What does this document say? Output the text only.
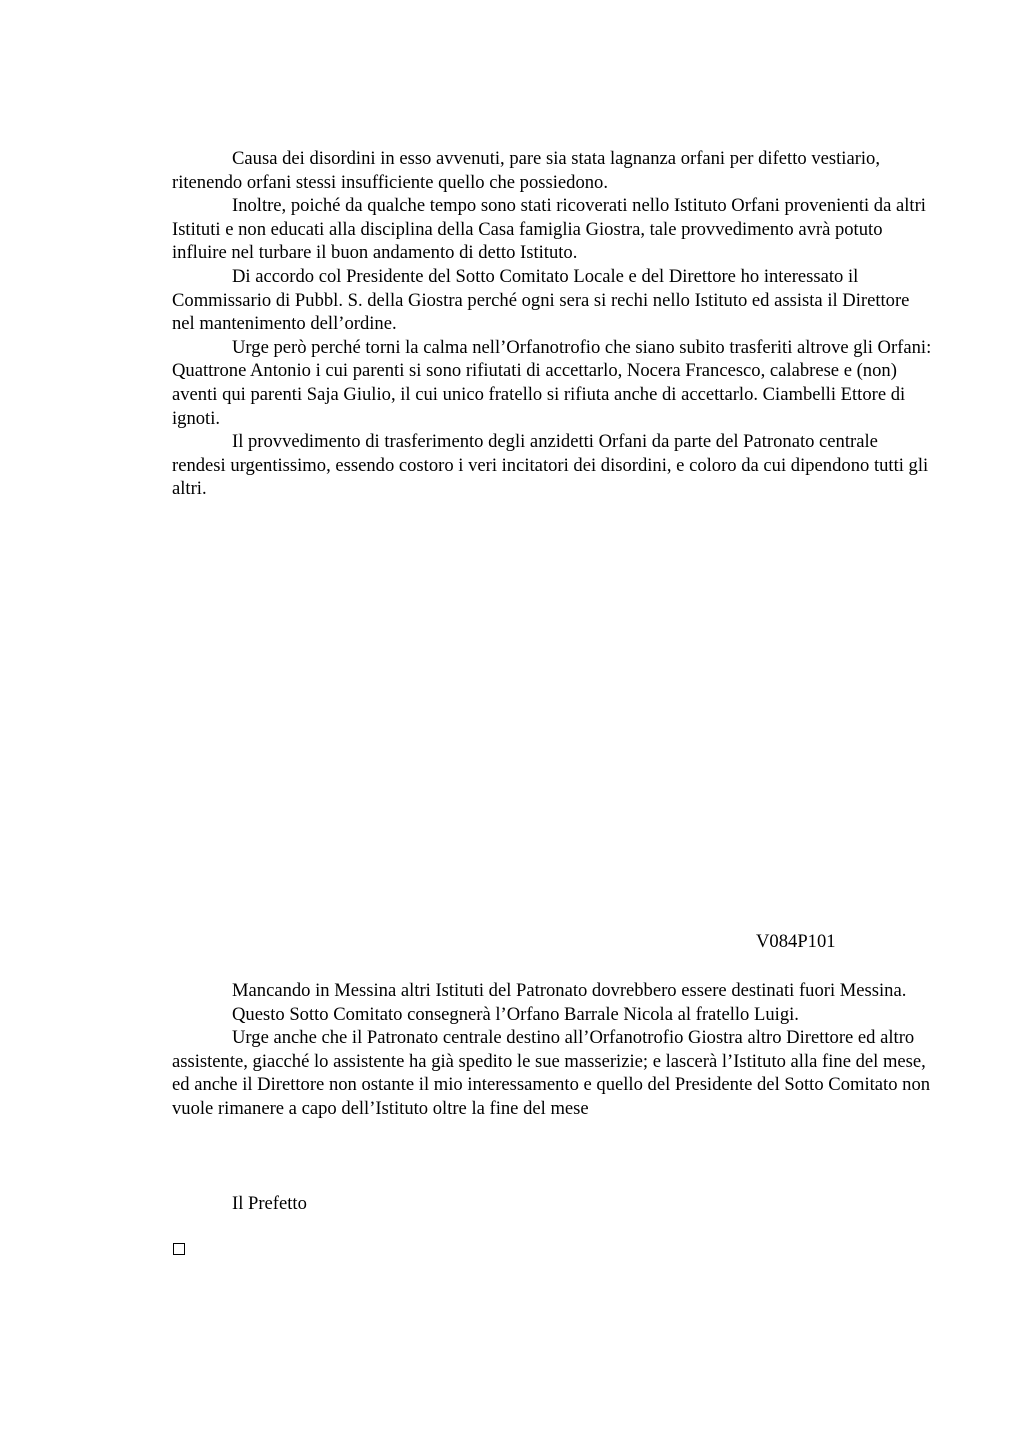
Causa dei disordini in esso avvenuti, pare sia stata lagnanza orfani per difetto vestiario, ritenendo orfani stessi insufficiente quello che possiedono.

Inoltre, poiché da qualche tempo sono stati ricoverati nello Istituto Orfani provenienti da altri Istituti e non educati alla disciplina della Casa famiglia Giostra, tale provvedimento avrà potuto influire nel turbare il buon andamento di detto Istituto.

Di accordo col Presidente del Sotto Comitato Locale e del Direttore ho interessato il Commissario di Pubbl. S. della Giostra perché ogni sera si rechi nello Istituto ed assista il Direttore nel mantenimento dell’ordine.

Urge però perché torni la calma nell’Orfanotrofio che siano subito trasferiti altrove gli Orfani: Quattrone Antonio i cui parenti si sono rifiutati di accettarlo, Nocera Francesco, calabrese e (non) aventi qui parenti Saja Giulio, il cui unico fratello si rifiuta anche di accettarlo. Ciambelli Ettore di ignoti.

Il provvedimento di trasferimento degli anzidetti Orfani da parte del Patronato centrale rendesi urgentissimo, essendo costoro i veri incitatori dei disordini, e coloro da cui dipendono tutti gli altri.

V084P101

Mancando in Messina altri Istituti del Patronato dovrebbero essere destinati fuori Messina.

Questo Sotto Comitato consegnerà l’Orfano Barrale Nicola al fratello Luigi.

Urge anche che il Patronato centrale destino all’Orfanotrofio Giostra altro Direttore ed altro assistente, giacché lo assistente ha già spedito le sue masserizie; e lascerà l’Istituto alla fine del mese, ed anche il Direttore non ostante il mio interessamento e quello del Presidente del Sotto Comitato non vuole rimanere a capo dell’Istituto oltre la fine del mese

Il Prefetto
